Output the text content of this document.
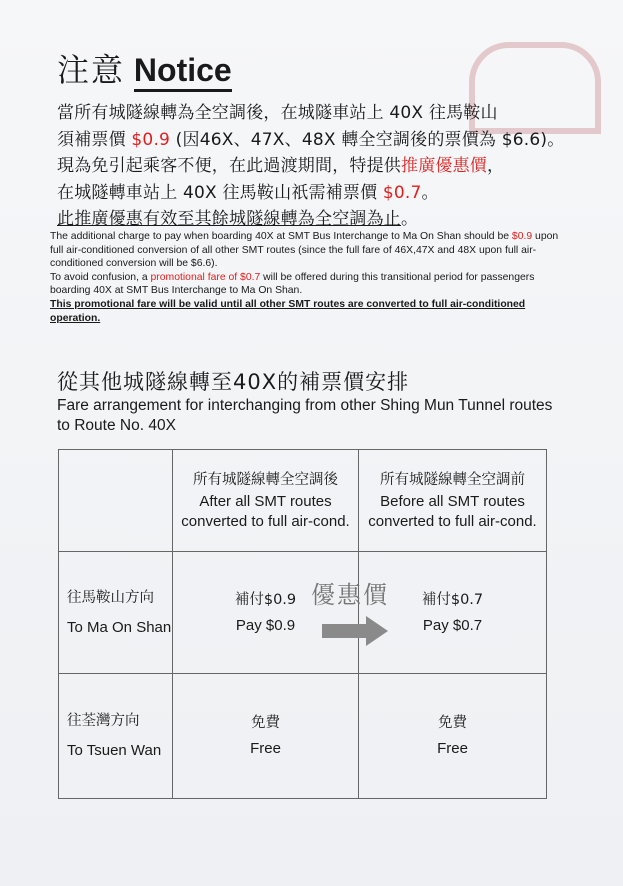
注意 Notice
當所有城隧線轉為全空調後，在城隧車站上 40X 往馬鞍山
須補票價 $0.9 (因46X、47X、48X 轉全空調後的票價為 $6.6)。
現為免引起乘客不便，在此過渡期間，特提供推廣優惠價，
在城隧轉車站上 40X 往馬鞍山祇需補票價 $0.7。
此推廣優惠有效至其餘城隧線轉為全空調為止。

The additional charge to pay when boarding 40X at SMT Bus Interchange to Ma On Shan should be $0.9 upon full air-conditioned conversion of all other SMT routes (since the full fare of 46X,47X and 48X upon full air-conditioned conversion will be $6.6).

To avoid confusion, a promotional fare of $0.7 will be offered during this transitional period for passengers boarding 40X at SMT Bus Interchange to Ma On Shan.

This promotional fare will be valid until all other SMT routes are converted to full air-conditioned operation.

從其他城隧線轉至40X的補票價安排
Fare arrangement for interchanging from other Shing Mun Tunnel routes to Route No. 40X

	所有城隧線轉全空調後
After all SMT routes converted to full air-cond.	所有城隧線轉全空調前
Before all SMT routes converted to full air-cond.

往馬鞍山方向
To Ma On Shan	補付$0.9
Pay $0.9	補付$0.7
Pay $0.7

往荃灣方向
To Tsuen Wan	免費
Free	免費
Free
優惠價
